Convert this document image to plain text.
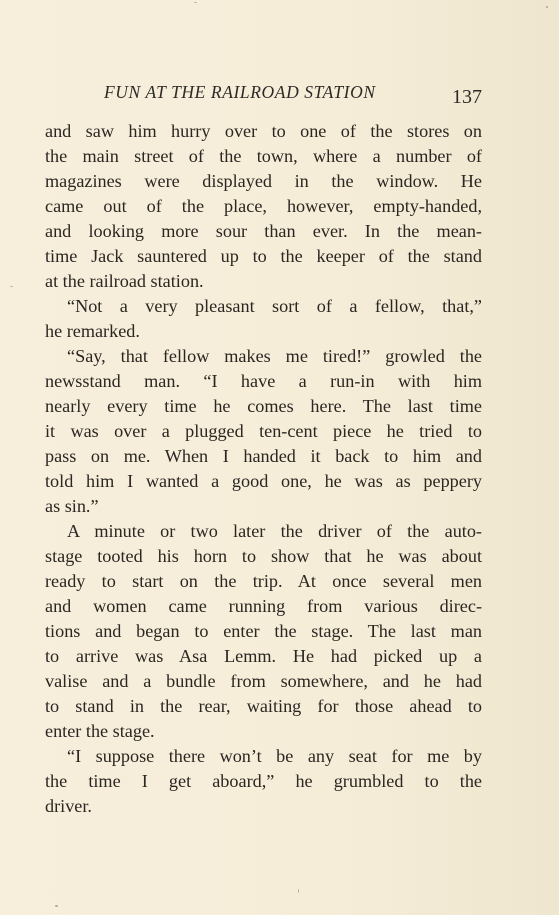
FUN AT THE RAILROAD STATION	137
and saw him hurry over to one of the stores on
the main street of the town, where a number of
magazines were displayed in the window. He
came out of the place, however, empty-handed,
and looking more sour than ever. In the mean-
time Jack sauntered up to the keeper of the stand
at the railroad station.
“Not a very pleasant sort of a fellow, that,”
he remarked.
“Say, that fellow makes me tired!” growled the
newsstand man. “I have a run-in with him
nearly every time he comes here. The last time
it was over a plugged ten-cent piece he tried to
pass on me. When I handed it back to him and
told him I wanted a good one, he was as peppery
as sin.”
A minute or two later the driver of the auto-
stage tooted his horn to show that he was about
ready to start on the trip. At once several men
and women came running from various direc-
tions and began to enter the stage. The last man
to arrive was Asa Lemm. He had picked up a
valise and a bundle from somewhere, and he had
to stand in the rear, waiting for those ahead to
enter the stage.
“I suppose there won’t be any seat for me by
the time I get aboard,” he grumbled to the
driver.
